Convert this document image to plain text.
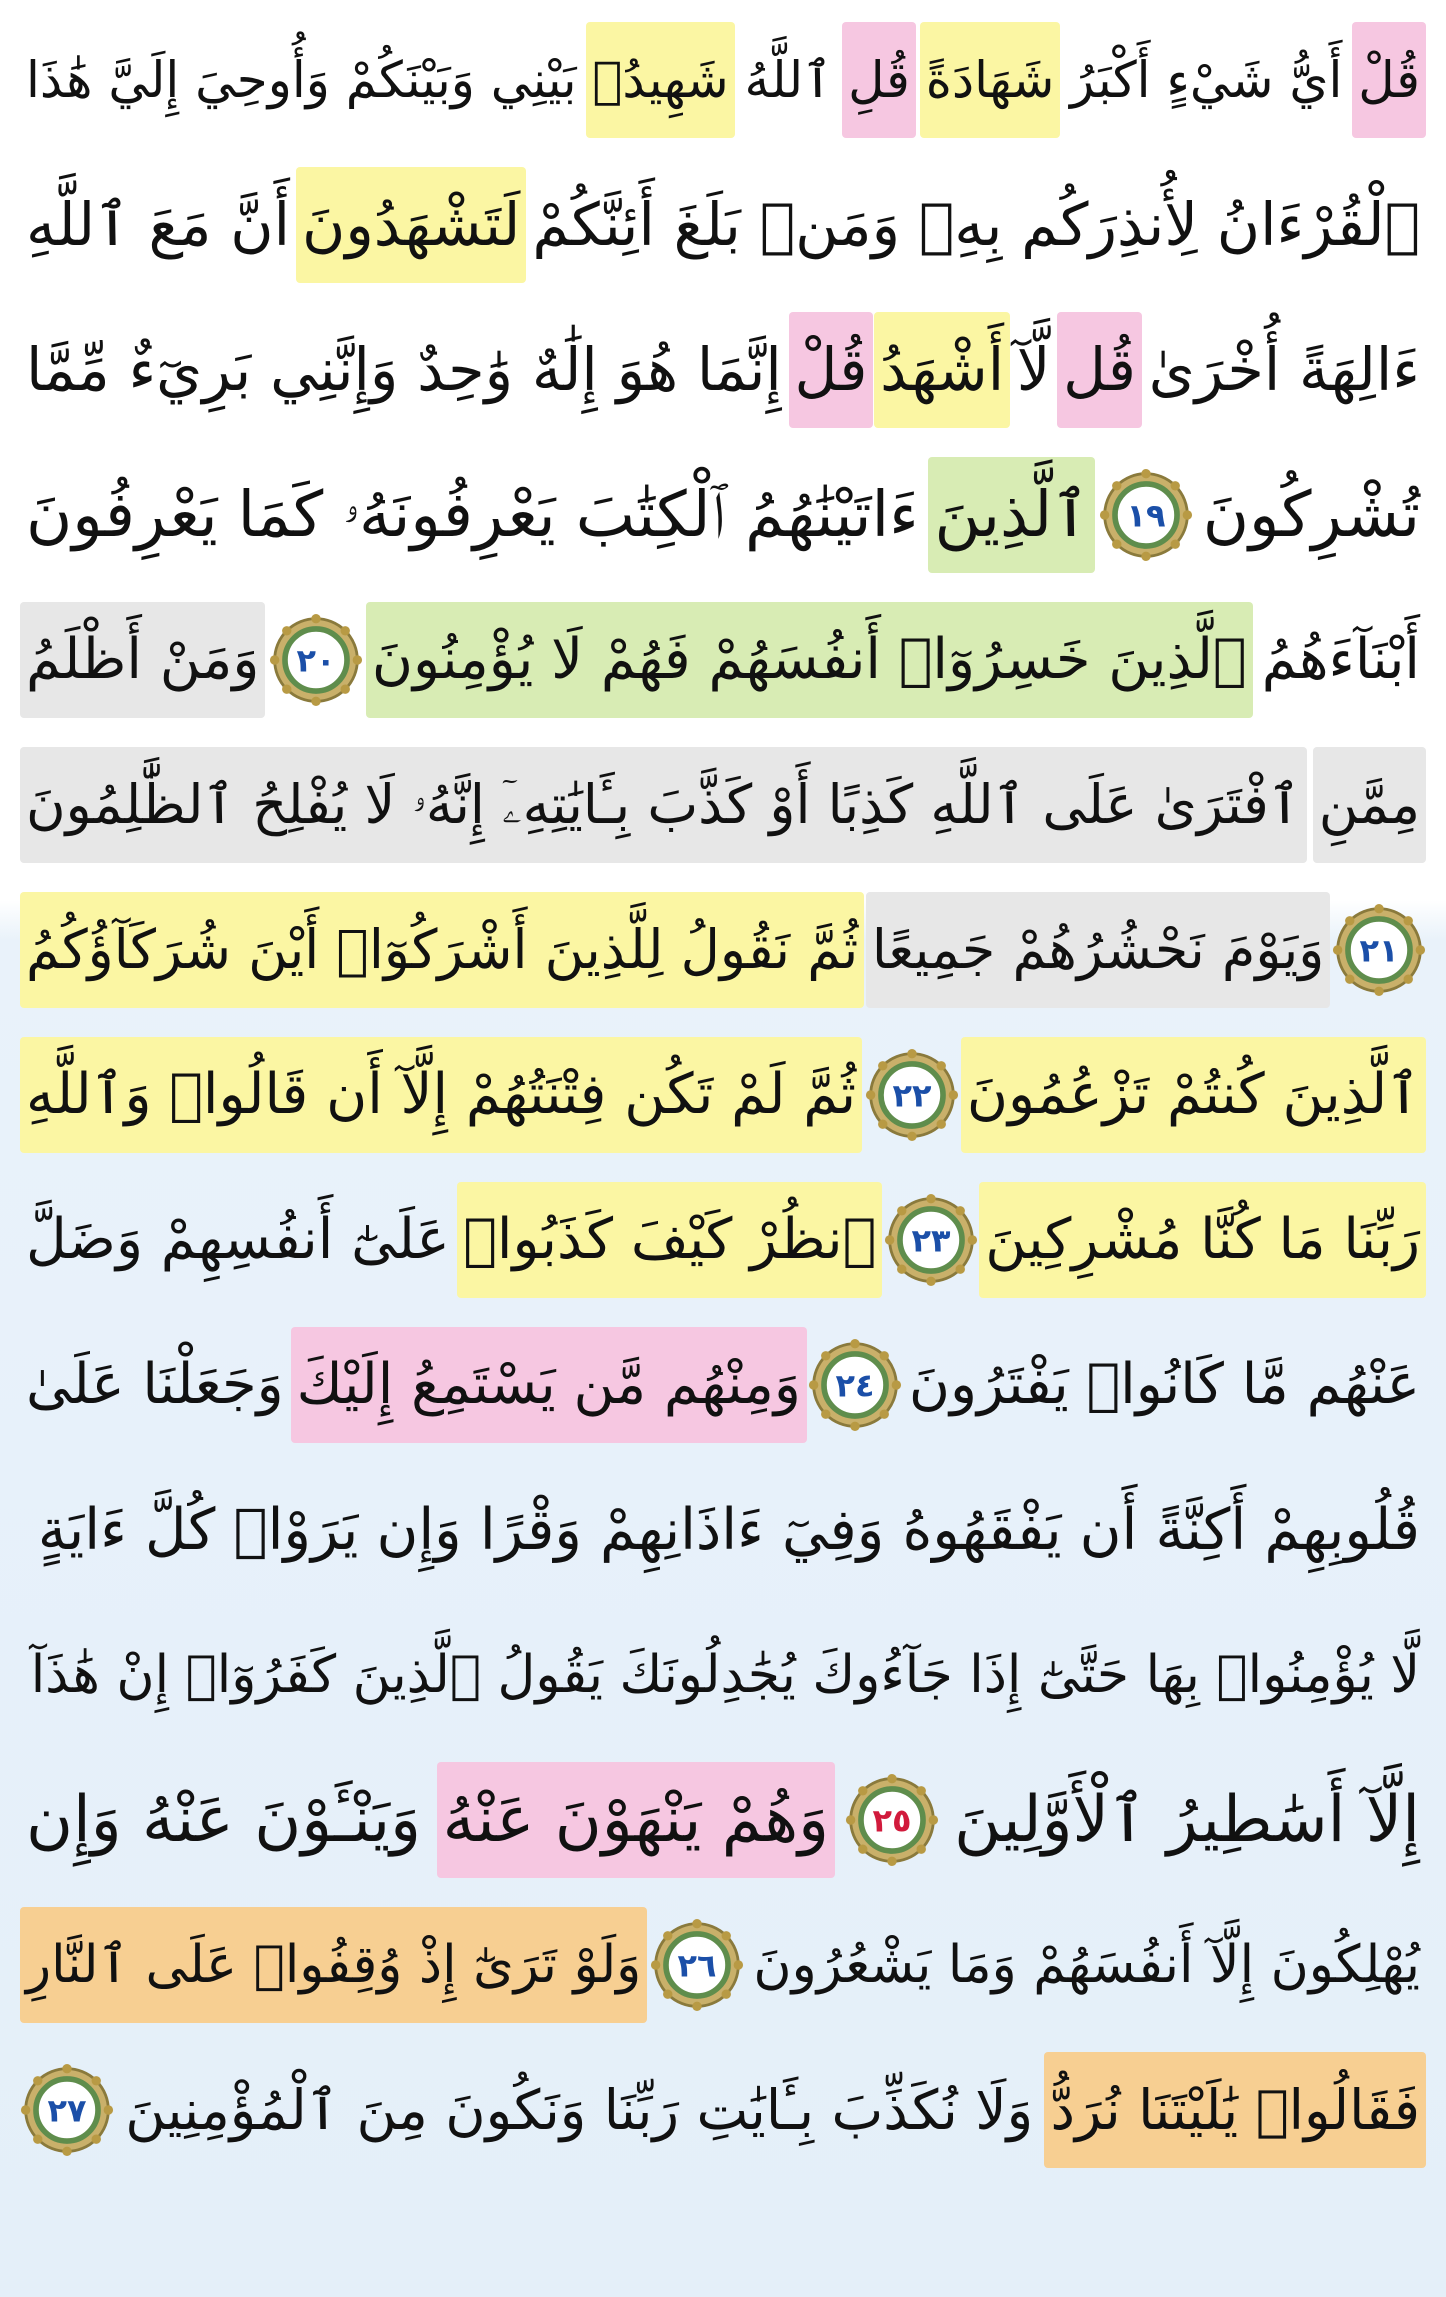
قُلْ
أَيُّ شَيْءٍ أَكْبَرُ
شَهَادَةً
قُلِ
ٱللَّهُ
شَهِيدُۢ
بَيْنِي وَبَيْنَكُمْ وَأُوحِيَ إِلَيَّ هَٰذَا
ٱلْقُرْءَانُ لِأُنذِرَكُم بِهِۦ وَمَنۢ بَلَغَ أَئِنَّكُمْ
لَتَشْهَدُونَ
أَنَّ مَعَ ٱللَّهِ
ءَالِهَةً أُخْرَىٰ
قُل
لَّآ
أَشْهَدُ
قُلْ
إِنَّمَا هُوَ إِلَٰهٌ وَٰحِدٌ وَإِنَّنِي بَرِيٓءٌ مِّمَّا
تُشْرِكُونَ
١٩
ٱلَّذِينَ
ءَاتَيْنَٰهُمُ ٱلْكِتَٰبَ يَعْرِفُونَهُۥ كَمَا يَعْرِفُونَ
أَبْنَآءَهُمُ
ٱلَّذِينَ خَسِرُوٓا۟ أَنفُسَهُمْ فَهُمْ لَا يُؤْمِنُونَ
٢٠
وَمَنْ أَظْلَمُ
مِمَّنِ
ٱفْتَرَىٰ عَلَى ٱللَّهِ كَذِبًا أَوْ كَذَّبَ بِـَٔايَٰتِهِۦٓ إِنَّهُۥ لَا يُفْلِحُ ٱلظَّٰلِمُونَ
٢١
وَيَوْمَ نَحْشُرُهُمْ جَمِيعًا
ثُمَّ نَقُولُ لِلَّذِينَ أَشْرَكُوٓا۟ أَيْنَ شُرَكَآؤُكُمُ
ٱلَّذِينَ كُنتُمْ تَزْعُمُونَ
٢٢
ثُمَّ لَمْ تَكُن فِتْنَتُهُمْ إِلَّآ أَن قَالُوا۟ وَٱللَّهِ
رَبِّنَا مَا كُنَّا مُشْرِكِينَ
٢٣
ٱنظُرْ كَيْفَ كَذَبُوا۟
عَلَىٰٓ أَنفُسِهِمْ وَضَلَّ
عَنْهُم مَّا كَانُوا۟ يَفْتَرُونَ
٢٤
وَمِنْهُم مَّن يَسْتَمِعُ إِلَيْكَ
وَجَعَلْنَا عَلَىٰ
قُلُوبِهِمْ أَكِنَّةً أَن يَفْقَهُوهُ وَفِيٓ ءَاذَانِهِمْ وَقْرًا وَإِن يَرَوْا۟ كُلَّ ءَايَةٍ
لَّا يُؤْمِنُوا۟ بِهَا حَتَّىٰٓ إِذَا جَآءُوكَ يُجَٰدِلُونَكَ يَقُولُ ٱلَّذِينَ كَفَرُوٓا۟ إِنْ هَٰذَآ
إِلَّآ أَسَٰطِيرُ ٱلْأَوَّلِينَ
٢٥
وَهُمْ يَنْهَوْنَ عَنْهُ
وَيَنْـَٔوْنَ عَنْهُ وَإِن
يُهْلِكُونَ إِلَّآ أَنفُسَهُمْ وَمَا يَشْعُرُونَ
٢٦
وَلَوْ تَرَىٰٓ إِذْ وُقِفُوا۟ عَلَى ٱلنَّارِ
فَقَالُوا۟ يَٰلَيْتَنَا نُرَدُّ
وَلَا نُكَذِّبَ بِـَٔايَٰتِ رَبِّنَا وَنَكُونَ مِنَ ٱلْمُؤْمِنِينَ
٢٧
